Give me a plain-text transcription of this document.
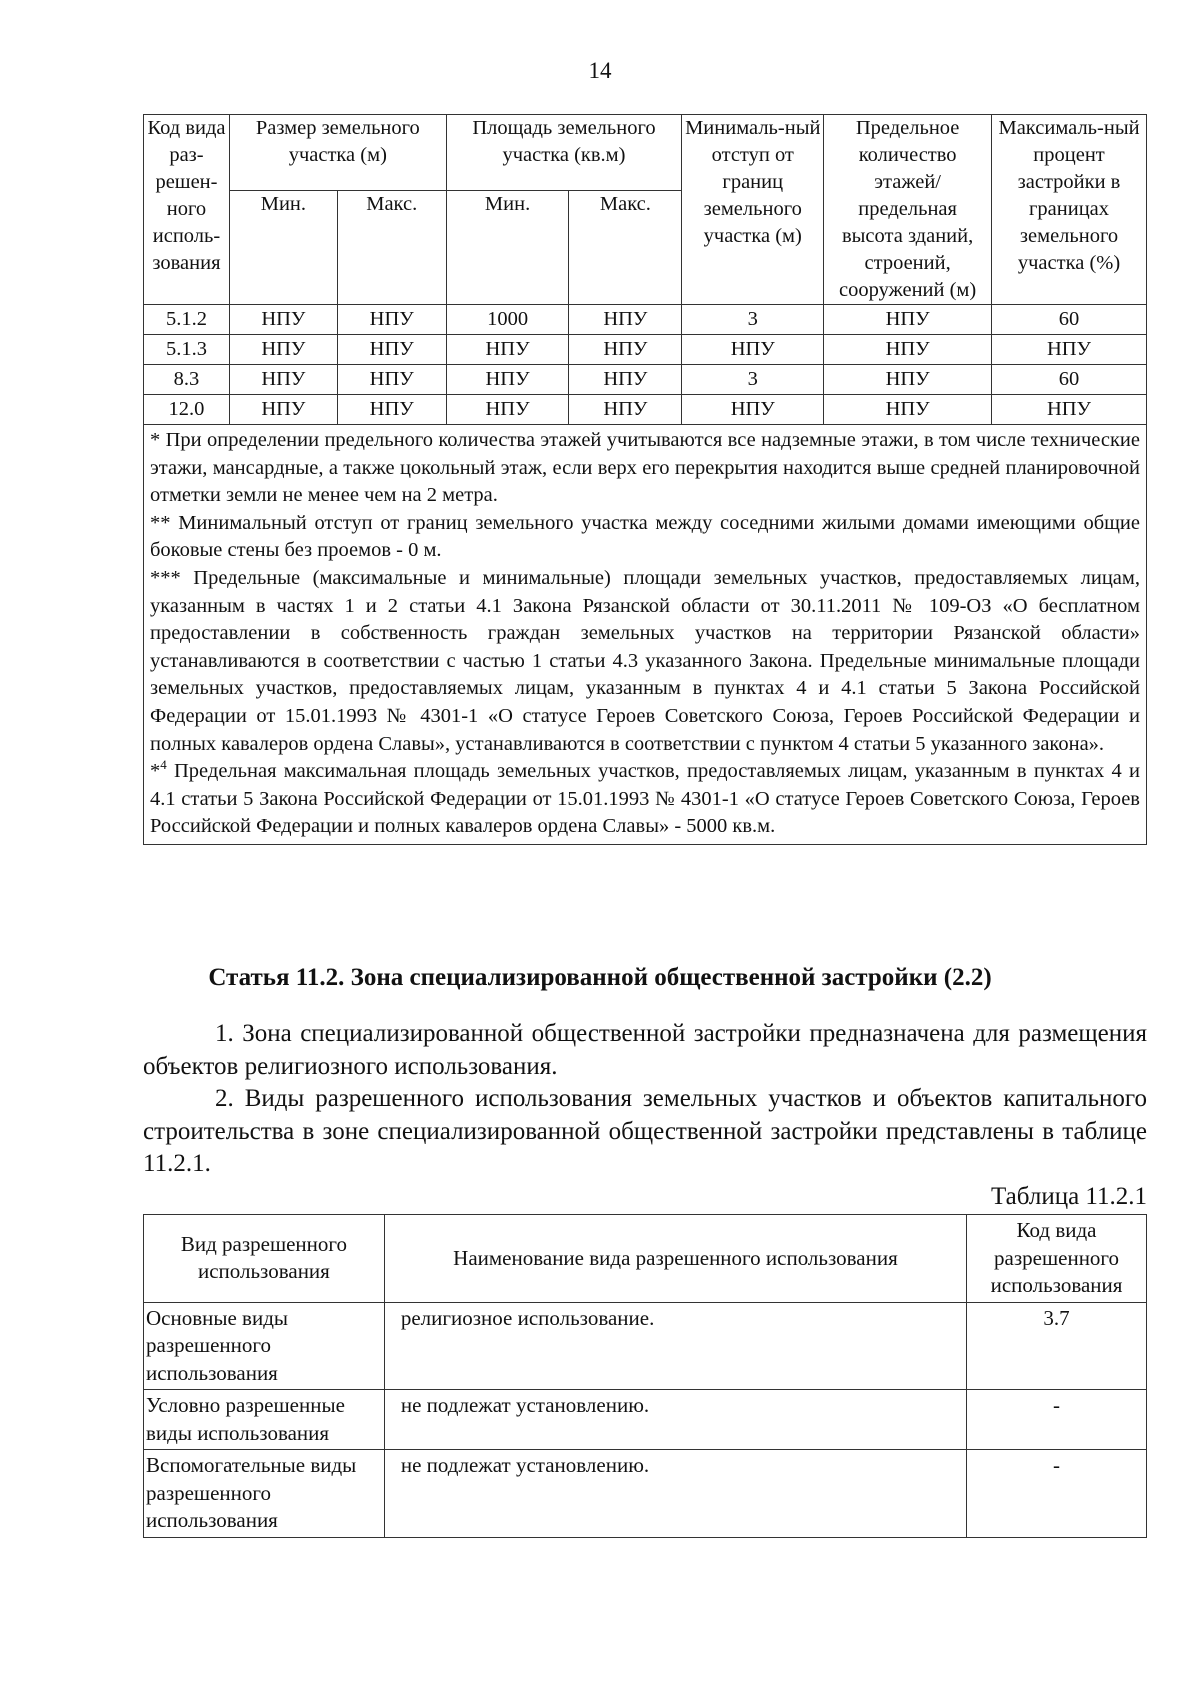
14
Код вида раз-решен-ного исполь-зования	Размер земельного участка (м)		Площадь земельного участка (кв.м)		Минималь-ный отступ от границ земельного участка (м)	Предельное количество этажей/ предельная высота зданий, строений, сооружений (м)	Максималь-ный процент застройки в границах земельного участка (%)
	Мин.	Макс.	Мин.	Макс.			
5.1.2	НПУ	НПУ	1000	НПУ	3	НПУ	60
5.1.3	НПУ	НПУ	НПУ	НПУ	НПУ	НПУ	НПУ
8.3	НПУ	НПУ	НПУ	НПУ	3	НПУ	60
12.0	НПУ	НПУ	НПУ	НПУ	НПУ	НПУ	НПУ

* При определении предельного количества этажей учитываются все надземные этажи, в том числе технические этажи, мансардные, а также цокольный этаж, если верх его перекрытия находится выше средней планировочной отметки земли не менее чем на 2 метра.

** Минимальный отступ от границ земельного участка между соседними жилыми домами имеющими общие боковые стены без проемов - 0 м.

*** Предельные (максимальные и минимальные) площади земельных участков, предоставляемых лицам, указанным в частях 1 и 2 статьи 4.1 Закона Рязанской области от 30.11.2011 № 109-ОЗ «О бесплатном предоставлении в собственность граждан земельных участков на территории Рязанской области» устанавливаются в соответствии с частью 1 статьи 4.3 указанного Закона. Предельные минимальные площади земельных участков, предоставляемых лицам, указанным в пунктах 4 и 4.1 статьи 5 Закона Российской Федерации от 15.01.1993 № 4301-1 «О статусе Героев Советского Союза, Героев Российской Федерации и полных кавалеров ордена Славы», устанавливаются в соответствии с пунктом 4 статьи 5 указанного закона».

*$^4$ Предельная максимальная площадь земельных участков, предоставляемых лицам, указанным в пунктах 4 и 4.1 статьи 5 Закона Российской Федерации от 15.01.1993 № 4301-1 «О статусе Героев Советского Союза, Героев Российской Федерации и полных кавалеров ордена Славы» - 5000 кв.м.							

Статья 11.2. Зона специализированной общественной застройки (2.2)

1. Зона специализированной общественной застройки предназначена для размещения объектов религиозного использования.

2. Виды разрешенного использования земельных участков и объектов капитального строительства в зоне специализированной общественной застройки представлены в таблице 11.2.1.

Таблица 11.2.1
Вид разрешенного использования	Наименование вида разрешенного использования	Код вида разрешенного использования
Основные виды разрешенного использования	религиозное использование.	3.7
Условно разрешенные виды использования	не подлежат установлению.	-
Вспомогательные виды разрешенного использования	не подлежат установлению.	-
